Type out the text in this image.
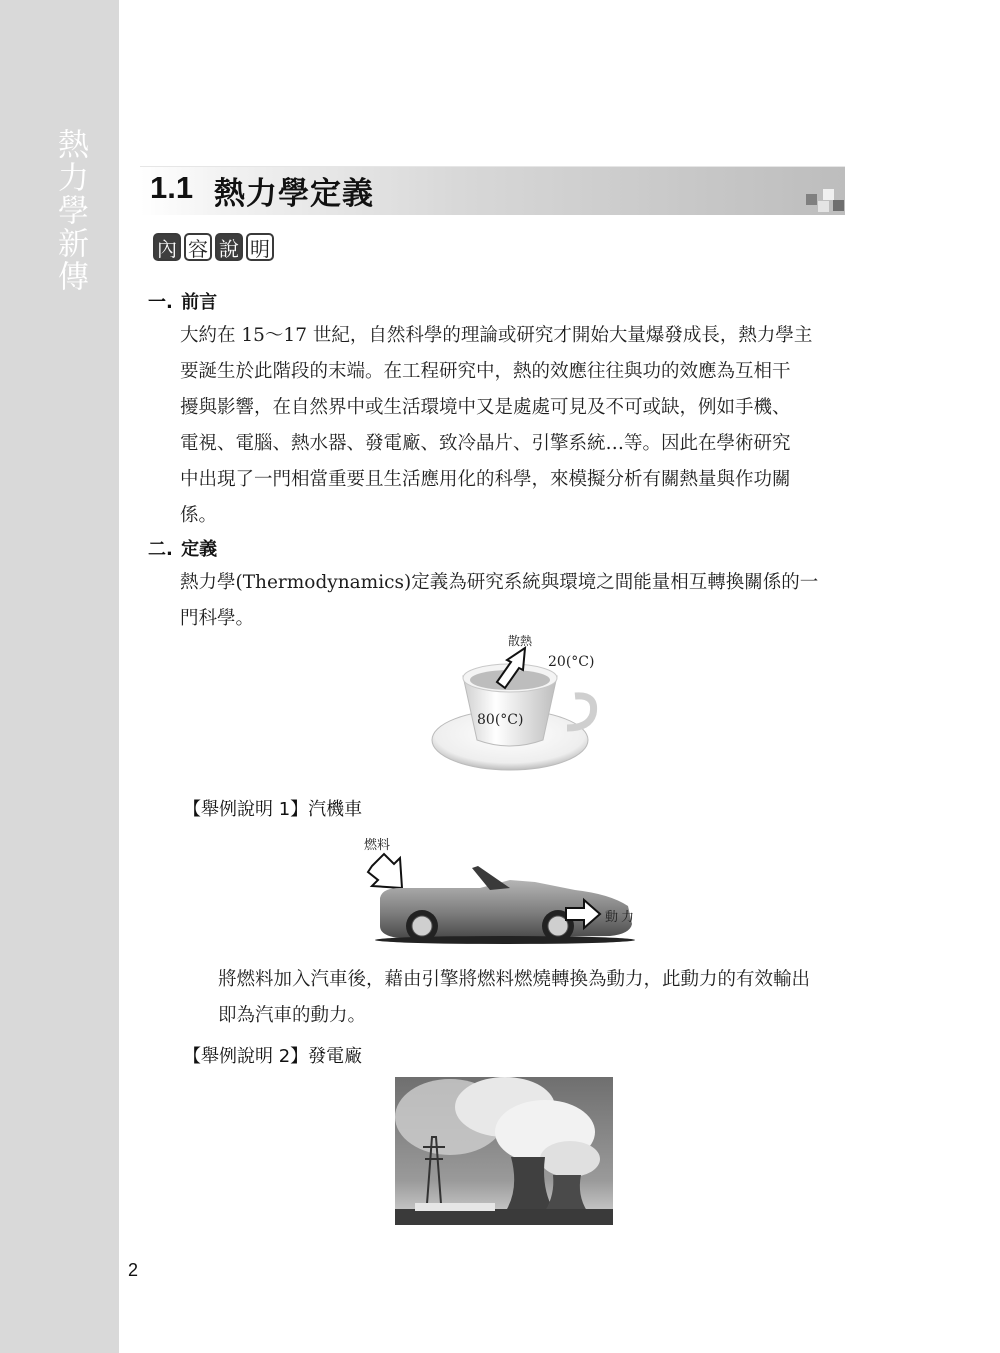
熱力學新傳 1.1 熱力學定義
內 容 說 明
一. 前言
大約在 15～17 世紀，自然科學的理論或研究才開始大量爆發成長，熱力學主
要誕生於此階段的末端。在工程研究中，熱的效應往往與功的效應為互相干
擾與影響，在自然界中或生活環境中又是處處可見及不可或缺，例如手機、
電視、電腦、熱水器、發電廠、致冷晶片、引擎系統…等。因此在學術研究
中出現了一門相當重要且生活應用化的科學，來模擬分析有關熱量與作功關
係。
二. 定義
熱力學(Thermodynamics)定義為研究系統與環境之間能量相互轉換關係的一
門科學。
散熱
20(°C)
80(°C)
【舉例說明 1】汽機車
燃料
動力
將燃料加入汽車後，藉由引擎將燃料燃燒轉換為動力，此動力的有效輸出
即為汽車的動力。
【舉例說明 2】發電廠
2
